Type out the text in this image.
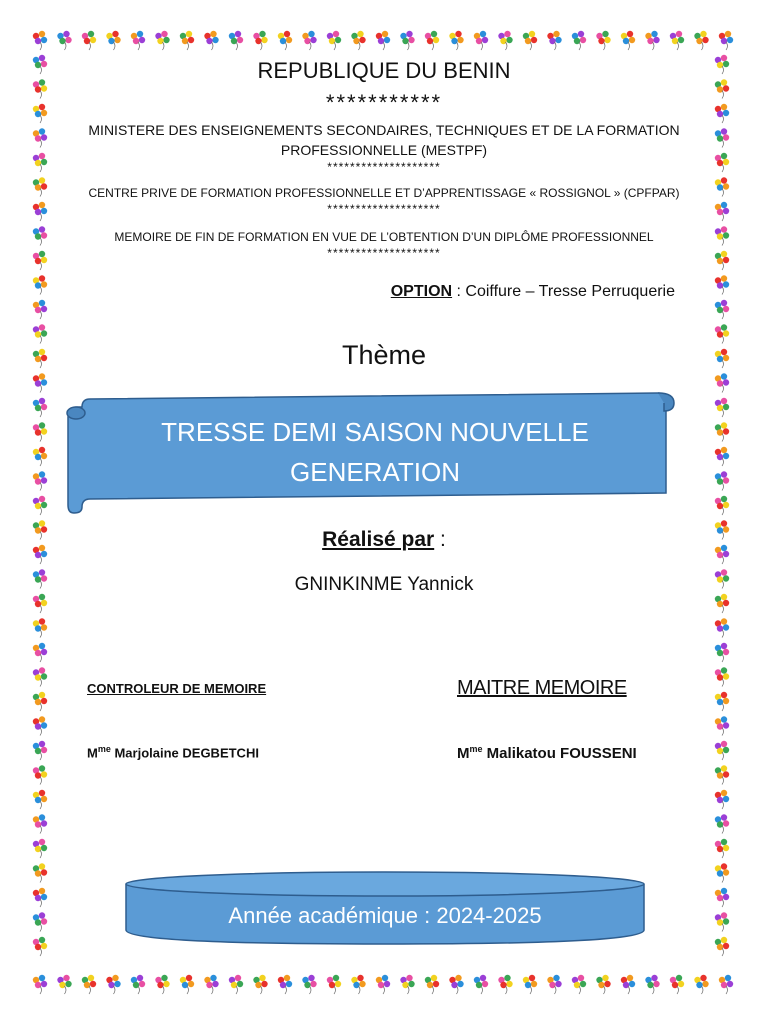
REPUBLIQUE DU BENIN
***********
MINISTERE DES ENSEIGNEMENTS SECONDAIRES, TECHNIQUES ET DE LA FORMATION
PROFESSIONNELLE (MESTPF)
********************
CENTRE PRIVE DE FORMATION PROFESSIONNELLE ET D’APPRENTISSAGE « ROSSIGNOL » (CPFPAR)
********************
MEMOIRE DE FIN DE FORMATION EN VUE DE L’OBTENTION D’UN DIPLÔME PROFESSIONNEL
********************
OPTION : Coiffure – Tresse Perruquerie
Thème
TRESSE DEMI SAISON NOUVELLE
GENERATION
Réalisé par :
GNINKINME Yannick
CONTROLEUR DE MEMOIRE	MAITRE MEMOIRE
$M^{me}$ Marjolaine DEGBETCHI	$M^{me}$ Malikatou FOUSSENI
Année académique : 2024-2025
